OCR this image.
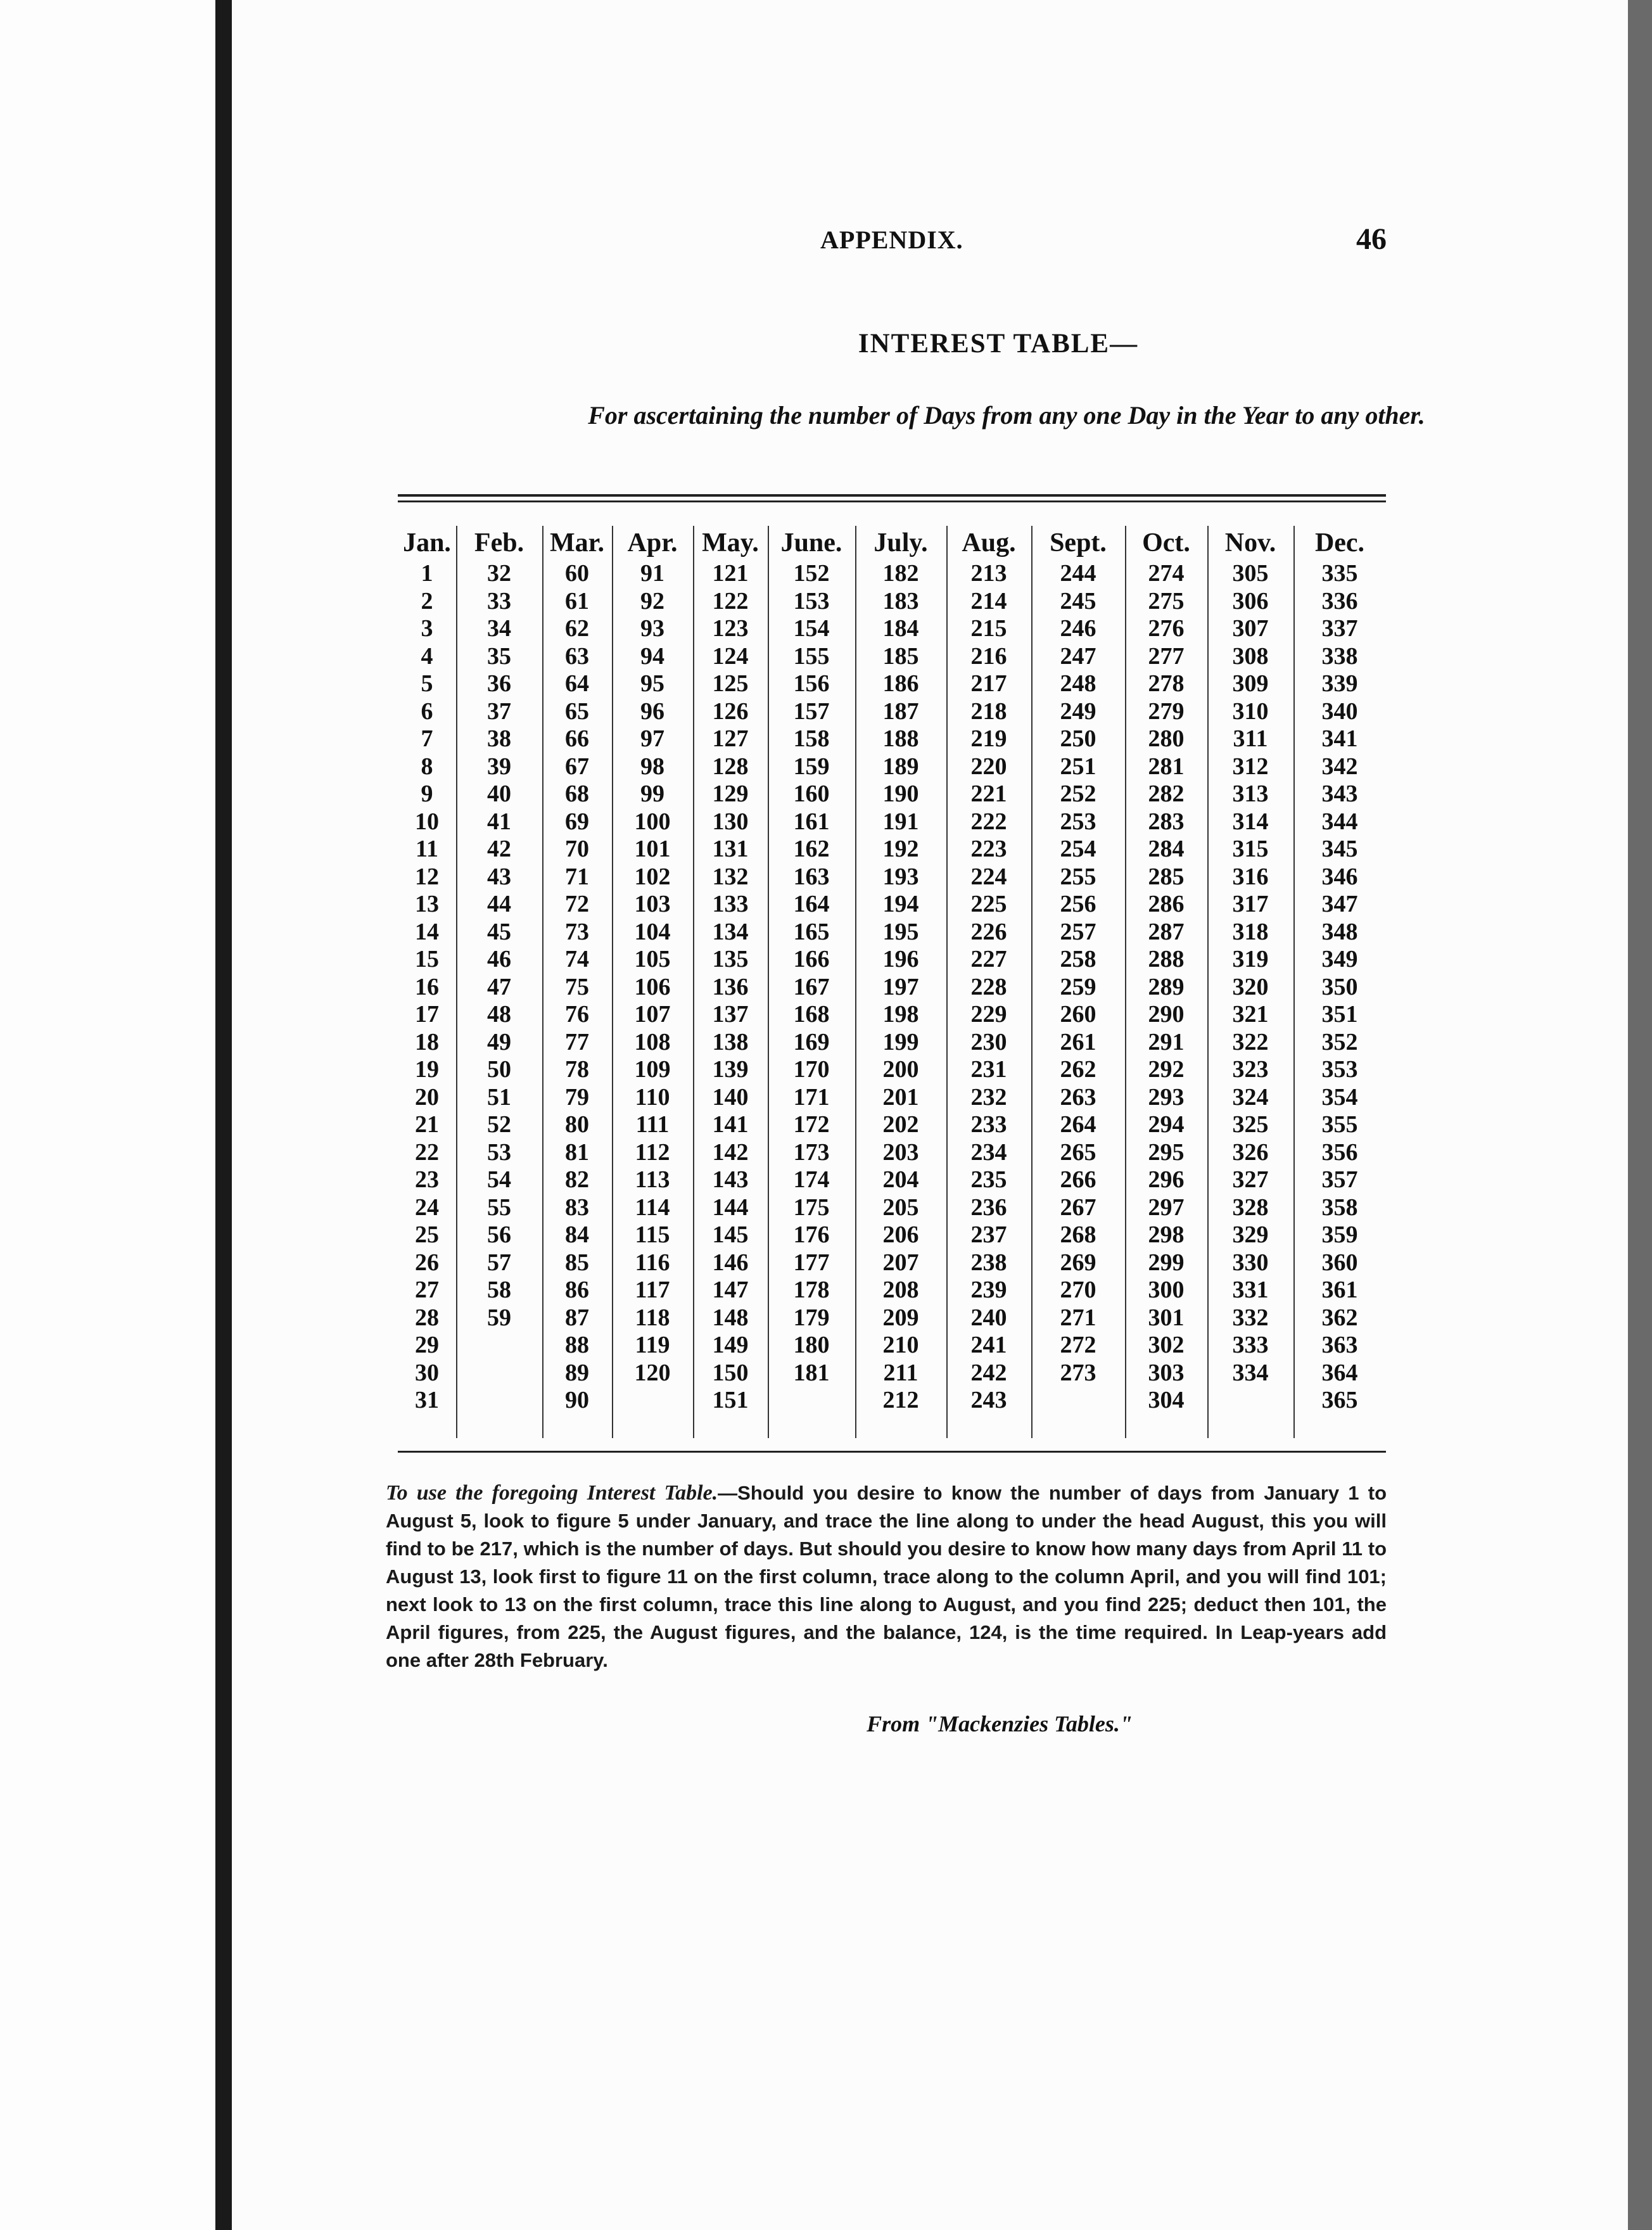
APPENDIX.	46
INTEREST TABLE—
For ascertaining the number of Days from any one Day in the Year to any other.
Jan.
1
2
3
4
5
6
7
8
9
10
11
12
13
14
15
16
17
18
19
20
21
22
23
24
25
26
27
28
29
30
31
Feb.
32
33
34
35
36
37
38
39
40
41
42
43
44
45
46
47
48
49
50
51
52
53
54
55
56
57
58
59
Mar.
60
61
62
63
64
65
66
67
68
69
70
71
72
73
74
75
76
77
78
79
80
81
82
83
84
85
86
87
88
89
90
Apr.
91
92
93
94
95
96
97
98
99
100
101
102
103
104
105
106
107
108
109
110
111
112
113
114
115
116
117
118
119
120
May.
121
122
123
124
125
126
127
128
129
130
131
132
133
134
135
136
137
138
139
140
141
142
143
144
145
146
147
148
149
150
151
June.
152
153
154
155
156
157
158
159
160
161
162
163
164
165
166
167
168
169
170
171
172
173
174
175
176
177
178
179
180
181
July.
182
183
184
185
186
187
188
189
190
191
192
193
194
195
196
197
198
199
200
201
202
203
204
205
206
207
208
209
210
211
212
Aug.
213
214
215
216
217
218
219
220
221
222
223
224
225
226
227
228
229
230
231
232
233
234
235
236
237
238
239
240
241
242
243
Sept.
244
245
246
247
248
249
250
251
252
253
254
255
256
257
258
259
260
261
262
263
264
265
266
267
268
269
270
271
272
273
Oct.
274
275
276
277
278
279
280
281
282
283
284
285
286
287
288
289
290
291
292
293
294
295
296
297
298
299
300
301
302
303
304
Nov.
305
306
307
308
309
310
311
312
313
314
315
316
317
318
319
320
321
322
323
324
325
326
327
328
329
330
331
332
333
334
Dec.
335
336
337
338
339
340
341
342
343
344
345
346
347
348
349
350
351
352
353
354
355
356
357
358
359
360
361
362
363
364
365
To use the foregoing Interest Table.—Should you desire to know the number of days from January 1 to August 5, look to figure 5 under January, and trace the line along to under the head August, this you will find to be 217, which is the number of days. But should you desire to know how many days from April 11 to August 13, look first to figure 11 on the first column, trace along to the column April, and you will find 101; next look to 13 on the first column, trace this line along to August, and you find 225; deduct then 101, the April figures, from 225, the August figures, and the balance, 124, is the time required. In Leap-years add one after 28th February.
From "Mackenzies Tables."
